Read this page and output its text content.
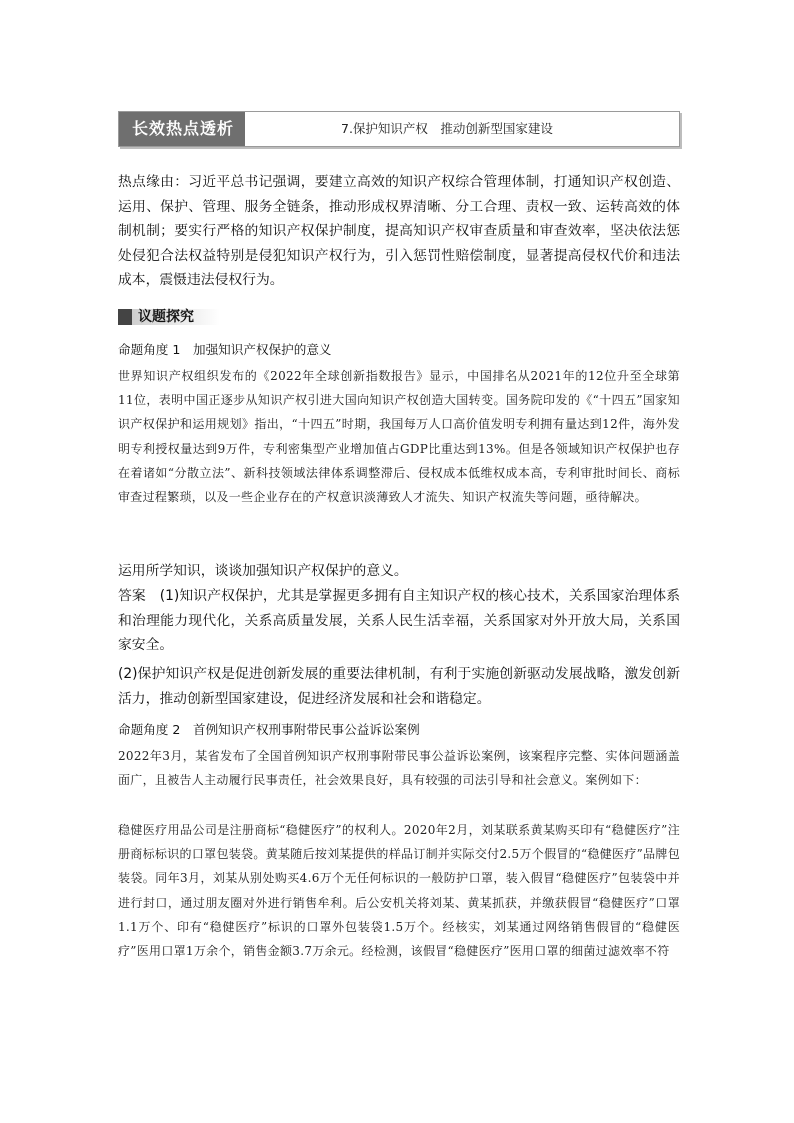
长效热点透析	7.保护知识产权　推动创新型国家建设

热点缘由：习近平总书记强调，要建立高效的知识产权综合管理体制，打通知识产权创造、运用、保护、管理、服务全链条，推动形成权界清晰、分工合理、责权一致、运转高效的体制机制；要实行严格的知识产权保护制度，提高知识产权审查质量和审查效率，坚决依法惩处侵犯合法权益特别是侵犯知识产权行为，引入惩罚性赔偿制度，显著提高侵权代价和违法成本，震慑违法侵权行为。

议题探究
命题角度 1　加强知识产权保护的意义

世界知识产权组织发布的《2022年全球创新指数报告》显示，中国排名从2021年的12位升至全球第11位，表明中国正逐步从知识产权引进大国向知识产权创造大国转变。国务院印发的《“十四五”国家知识产权保护和运用规划》指出，“十四五”时期，我国每万人口高价值发明专利拥有量达到12件，海外发明专利授权量达到9万件，专利密集型产业增加值占GDP比重达到13%。但是各领域知识产权保护也存在着诸如“分散立法”、新科技领域法律体系调整滞后、侵权成本低维权成本高，专利审批时间长、商标审查过程繁琐，以及一些企业存在的产权意识淡薄致人才流失、知识产权流失等问题，亟待解决。

运用所学知识，谈谈加强知识产权保护的意义。

答案　(1)知识产权保护，尤其是掌握更多拥有自主知识产权的核心技术，关系国家治理体系和治理能力现代化，关系高质量发展，关系人民生活幸福，关系国家对外开放大局，关系国家安全。

(2)保护知识产权是促进创新发展的重要法律机制，有利于实施创新驱动发展战略，激发创新活力，推动创新型国家建设，促进经济发展和社会和谐稳定。

命题角度 2　首例知识产权刑事附带民事公益诉讼案例

2022年3月，某省发布了全国首例知识产权刑事附带民事公益诉讼案例，该案程序完整、实体问题涵盖面广，且被告人主动履行民事责任，社会效果良好，具有较强的司法引导和社会意义。案例如下：

稳健医疗用品公司是注册商标“稳健医疗”的权利人。2020年2月，刘某联系黄某购买印有“稳健医疗”注册商标标识的口罩包装袋。黄某随后按刘某提供的样品订制并实际交付2.5万个假冒的“稳健医疗”品牌包装袋。同年3月，刘某从别处购买4.6万个无任何标识的一般防护口罩，装入假冒“稳健医疗”包装袋中并进行封口，通过朋友圈对外进行销售牟利。后公安机关将刘某、黄某抓获，并缴获假冒“稳健医疗”口罩1.1万个、印有“稳健医疗”标识的口罩外包装袋1.5万个。经核实，刘某通过网络销售假冒的“稳健医疗”医用口罩1万余个，销售金额3.7万余元。经检测，该假冒“稳健医疗”医用口罩的细菌过滤效率不符
